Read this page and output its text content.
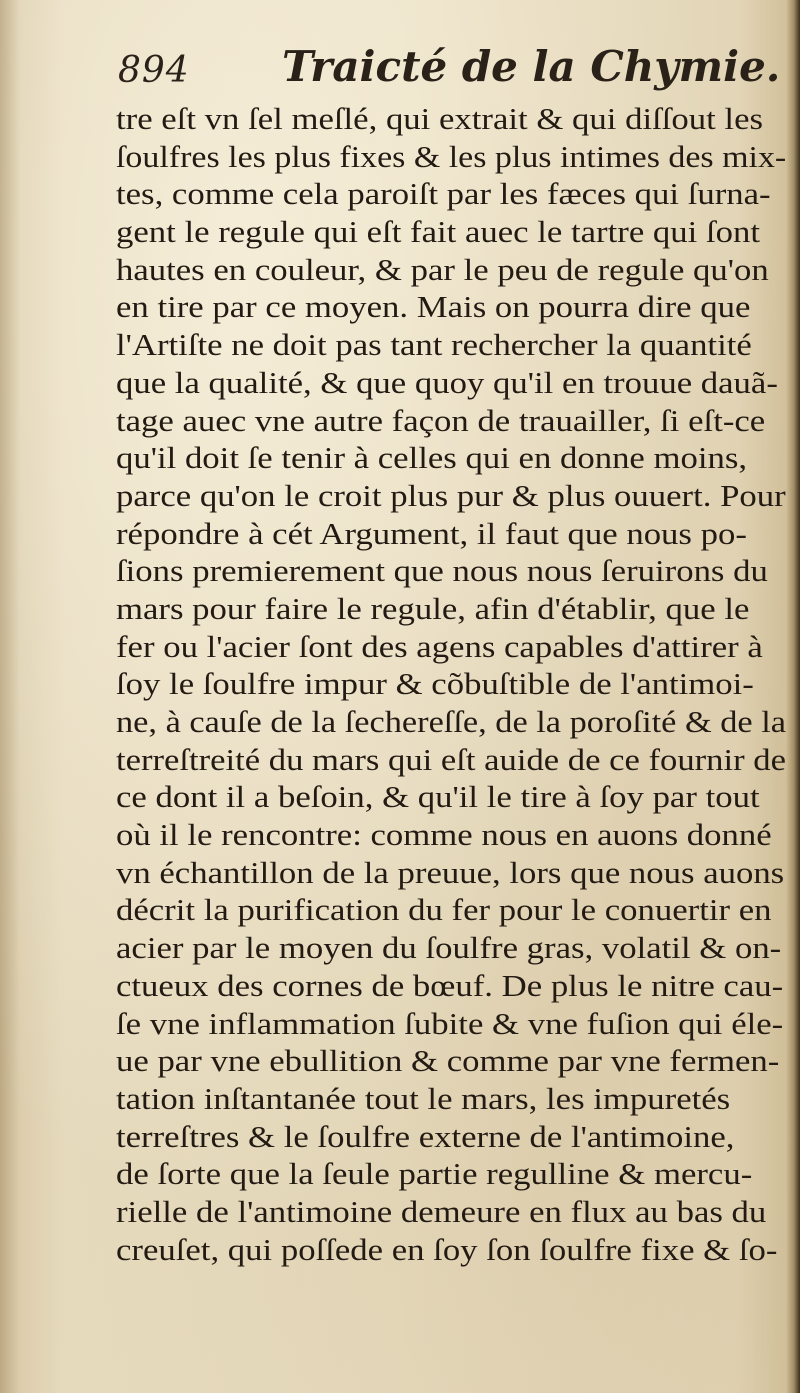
894 Traicté de la Chymie.
tre eſt vn ſel meſlé, qui extrait & qui diſſout les
ſoulfres les plus fixes & les plus intimes des mix-
tes, comme cela paroiſt par les fæces qui ſurna-
gent le regule qui eſt fait auec le tartre qui ſont
hautes en couleur, & par le peu de regule qu'on
en tire par ce moyen. Mais on pourra dire que
l'Artiſte ne doit pas tant rechercher la quantité
que la qualité, & que quoy qu'il en trouue dauã-
tage auec vne autre façon de trauailler, ſi eſt-ce
qu'il doit ſe tenir à celles qui en donne moins,
parce qu'on le croit plus pur & plus ouuert. Pour
répondre à cét Argument, il faut que nous po-
ſions premierement que nous nous ſeruirons du
mars pour faire le regule, afin d'établir, que le
fer ou l'acier ſont des agens capables d'attirer à
ſoy le ſoulfre impur & cõbuſtible de l'antimoi-
ne, à cauſe de la ſechereſſe, de la poroſité & de la
terreſtreité du mars qui eſt auide de ce fournir de
ce dont il a beſoin, & qu'il le tire à ſoy par tout
où il le rencontre: comme nous en auons donné
vn échantillon de la preuue, lors que nous auons
décrit la purification du fer pour le conuertir en
acier par le moyen du ſoulfre gras, volatil & on-
ctueux des cornes de bœuf. De plus le nitre cau-
ſe vne inflammation ſubite & vne fuſion qui éle-
ue par vne ebullition & comme par vne fermen-
tation inſtantanée tout le mars, les impuretés
terreſtres & le ſoulfre externe de l'antimoine,
de ſorte que la ſeule partie regulline & mercu-
rielle de l'antimoine demeure en flux au bas du
creuſet, qui poſſede en ſoy ſon ſoulfre fixe & ſo-
